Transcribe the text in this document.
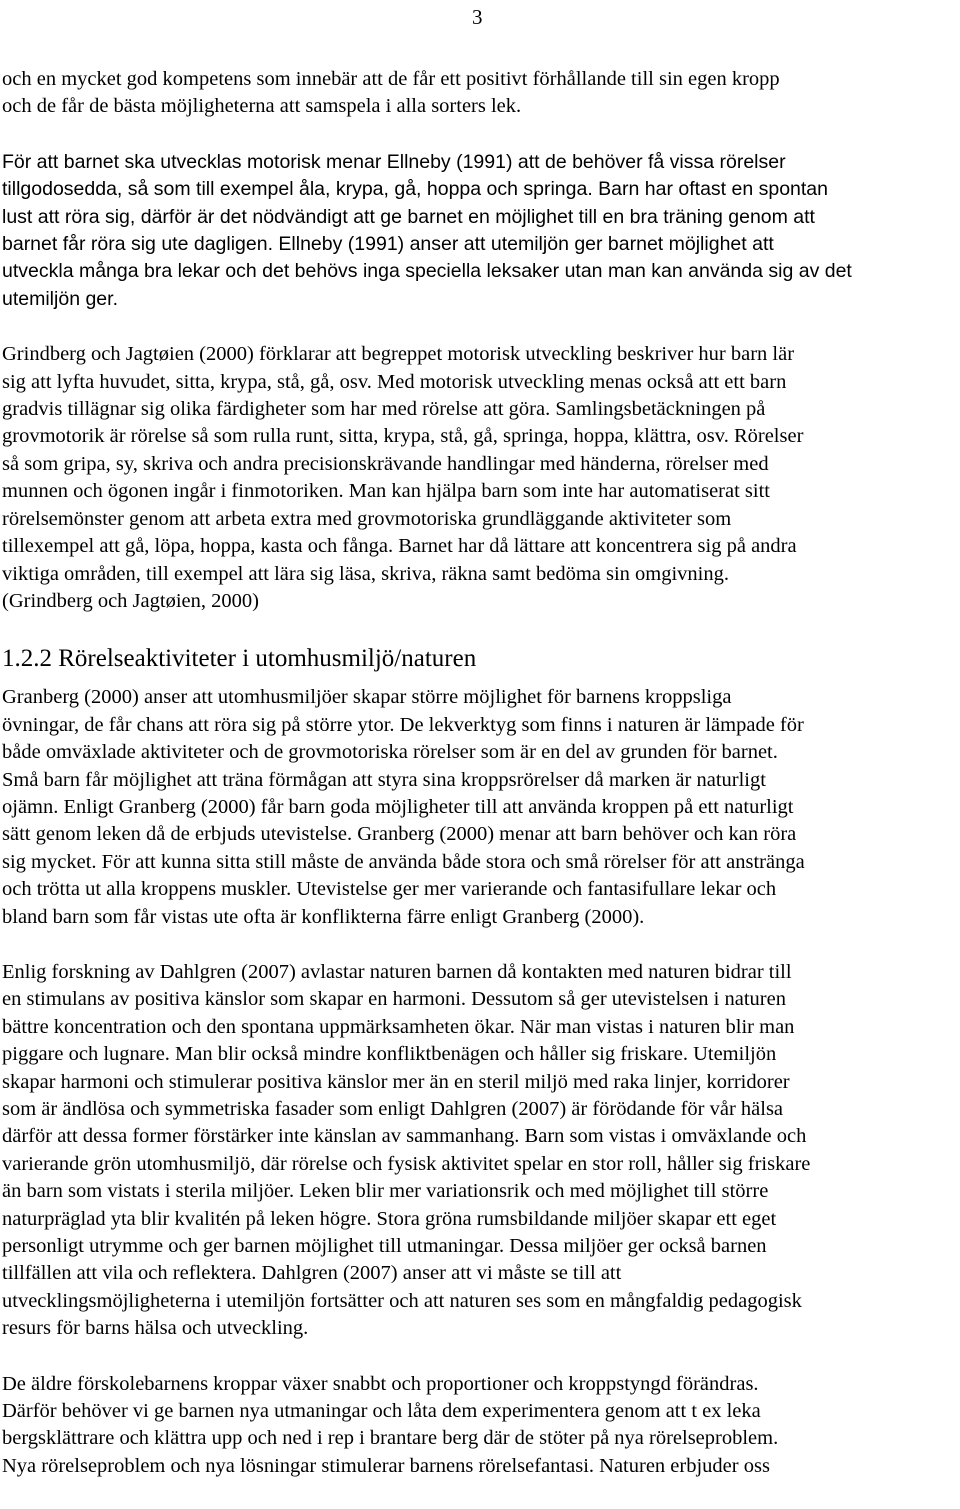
3

och en mycket god kompetens som innebär att de får ett positivt förhållande till sin egen kropp
och de får de bästa möjligheterna att samspela i alla sorters lek.

För att barnet ska utvecklas motorisk menar Ellneby (1991) att de behöver få vissa rörelser
tillgodosedda, så som till exempel åla, krypa, gå, hoppa och springa. Barn har oftast en spontan
lust att röra sig, därför är det nödvändigt att ge barnet en möjlighet till en bra träning genom att
barnet får röra sig ute dagligen. Ellneby (1991) anser att utemiljön ger barnet möjlighet att
utveckla många bra lekar och det behövs inga speciella leksaker utan man kan använda sig av det
utemiljön ger.

Grindberg och Jagtøien (2000) förklarar att begreppet motorisk utveckling beskriver hur barn lär
sig att lyfta huvudet, sitta, krypa, stå, gå, osv. Med motorisk utveckling menas också att ett barn
gradvis tillägnar sig olika färdigheter som har med rörelse att göra. Samlingsbetäckningen på
grovmotorik är rörelse så som rulla runt, sitta, krypa, stå, gå, springa, hoppa, klättra, osv. Rörelser
så som gripa, sy, skriva och andra precisionskrävande handlingar med händerna, rörelser med
munnen och ögonen ingår i finmotoriken. Man kan hjälpa barn som inte har automatiserat sitt
rörelsemönster genom att arbeta extra med grovmotoriska grundläggande aktiviteter som
tillexempel att gå, löpa, hoppa, kasta och fånga. Barnet har då lättare att koncentrera sig på andra
viktiga områden, till exempel att lära sig läsa, skriva, räkna samt bedöma sin omgivning.
(Grindberg och Jagtøien, 2000)

1.2.2 Rörelseaktiviteter i utomhusmiljö/naturen

Granberg (2000) anser att utomhusmiljöer skapar större möjlighet för barnens kroppsliga
övningar, de får chans att röra sig på större ytor. De lekverktyg som finns i naturen är lämpade för
både omväxlade aktiviteter och de grovmotoriska rörelser som är en del av grunden för barnet.
Små barn får möjlighet att träna förmågan att styra sina kroppsrörelser då marken är naturligt
ojämn. Enligt Granberg (2000) får barn goda möjligheter till att använda kroppen på ett naturligt
sätt genom leken då de erbjuds utevistelse. Granberg (2000) menar att barn behöver och kan röra
sig mycket. För att kunna sitta still måste de använda både stora och små rörelser för att anstränga
och trötta ut alla kroppens muskler. Utevistelse ger mer varierande och fantasifullare lekar och
bland barn som får vistas ute ofta är konflikterna färre enligt Granberg (2000).

Enlig forskning av Dahlgren (2007) avlastar naturen barnen då kontakten med naturen bidrar till
en stimulans av positiva känslor som skapar en harmoni. Dessutom så ger utevistelsen i naturen
bättre koncentration och den spontana uppmärksamheten ökar. När man vistas i naturen blir man
piggare och lugnare. Man blir också mindre konfliktbenägen och håller sig friskare. Utemiljön
skapar harmoni och stimulerar positiva känslor mer än en steril miljö med raka linjer, korridorer
som är ändlösa och symmetriska fasader som enligt Dahlgren (2007) är förödande för vår hälsa
därför att dessa former förstärker inte känslan av sammanhang. Barn som vistas i omväxlande och
varierande grön utomhusmiljö, där rörelse och fysisk aktivitet spelar en stor roll, håller sig friskare
än barn som vistats i sterila miljöer. Leken blir mer variationsrik och med möjlighet till större
naturpräglad yta blir kvalitén på leken högre. Stora gröna rumsbildande miljöer skapar ett eget
personligt utrymme och ger barnen möjlighet till utmaningar. Dessa miljöer ger också barnen
tillfällen att vila och reflektera. Dahlgren (2007) anser att vi måste se till att
utvecklingsmöjligheterna i utemiljön fortsätter och att naturen ses som en mångfaldig pedagogisk
resurs för barns hälsa och utveckling.

De äldre förskolebarnens kroppar växer snabbt och proportioner och kroppstyngd förändras.
Därför behöver vi ge barnen nya utmaningar och låta dem experimentera genom att t ex leka
bergsklättrare och klättra upp och ned i rep i brantare berg där de stöter på nya rörelseproblem.
Nya rörelseproblem och nya lösningar stimulerar barnens rörelsefantasi. Naturen erbjuder oss
